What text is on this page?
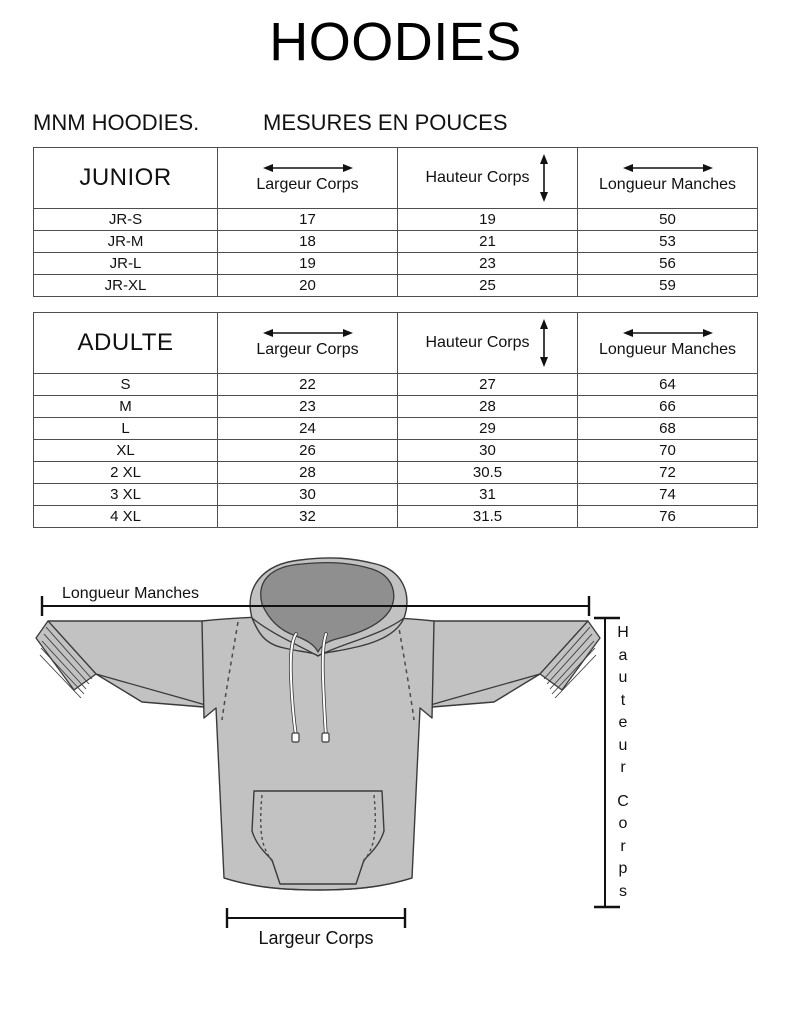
HOODIES
MNM HOODIES.	MESURES EN POUCES
JUNIOR	Largeur Corps	Hauteur Corps	Longueur Manches

JR-S	17	19	50
JR-M	18	21	53
JR-L	19	23	56
JR-XL	20	25	59
ADULTE	Largeur Corps	Hauteur Corps	Longueur Manches

S	22	27	64
M	23	28	66
L	24	29	68
XL	26	30	70
2 XL	28	30.5	72
3 XL	30	31	74
4 XL	32	31.5	76
Longueur Manches
Largeur Corps
H
a
u
t
e
u
r
C
o
r
p
s
